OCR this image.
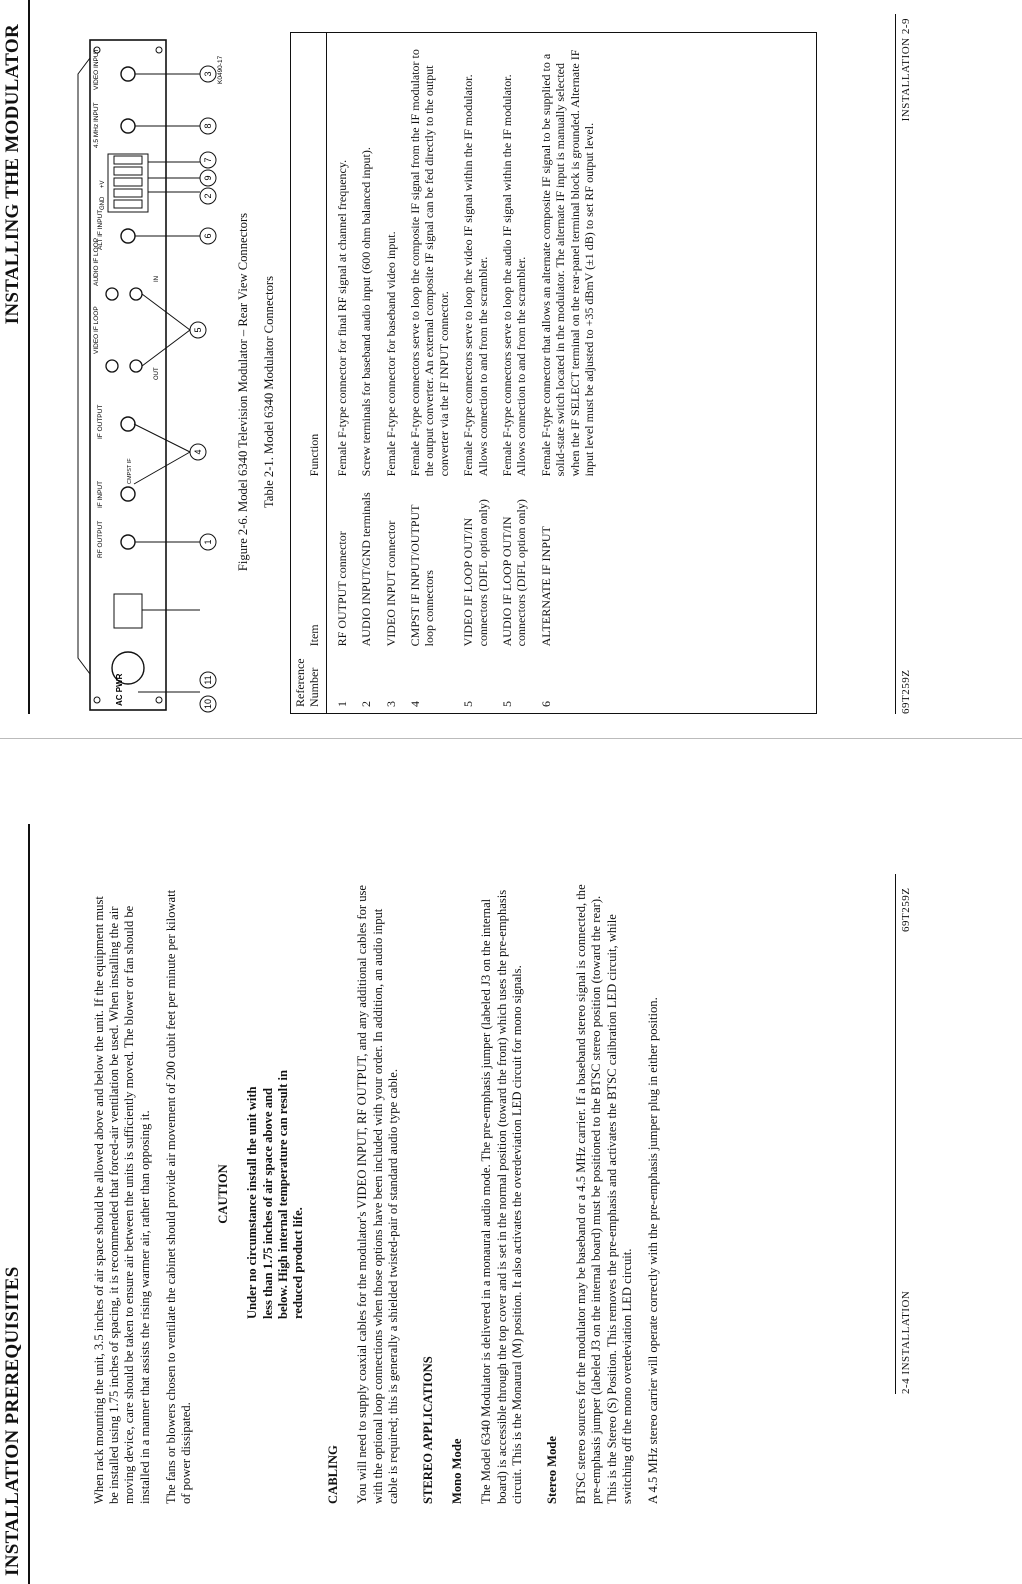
INSTALLATION PREREQUISITES	When rack mounting the unit, 3.5 inches of air space should be allowed above and below the unit. If the equipment must be installed using 1.75 inches of spacing, it is recommended that forced-air ventilation be used. When installing the air moving device, care should be taken to ensure air between the units is sufficiently moved. The blower or fan should be installed in a manner that assists the rising warmer air, rather than opposing it. The fans or blowers chosen to ventilate the cabinet should provide air movement of 200 cubit feet per minute per kilowatt of power dissipated.

CAUTION Under no circumstance install the unit with less than 1.75 inches of air space above and below. High internal temperature can result in reduced product life.
CABLING You will need to supply coaxial cables for the modulator's VIDEO INPUT, RF OUTPUT, and any additional cables for use with the optional loop connections when those options have been included with your order. In addition, an audio input cable is required; this is generally a shielded twisted-pair of standard audio type cable. STEREO APPLICATIONS Mono Mode The Model 6340 Modulator is delivered in a monaural audio mode. The pre-emphasis jumper (labeled J3 on the internal board) is accessible through the top cover and is set in the normal position (toward the front) which uses the pre-emphasis circuit. This is the Monaural (M) position. It also activates the overdeviation LED circuit for mono signals. Stereo Mode BTSC stereo sources for the modulator may be baseband or a 4.5 MHz carrier. If a baseband stereo signal is connected, the pre-emphasis jumper (labeled J3 on the internal board) must be positioned to the BTSC stereo position (toward the rear). This is the Stereo (S) Position. This removes the pre-emphasis and activates the BTSC calibration LED circuit, while switching off the mono overdeviation LED circuit. A 4.5 MHz stereo carrier will operate correctly with the pre-emphasis jumper plug in either position.	2-4 INSTALLATION
69T259Z
INSTALLING THE MODULATOR
AC PWR
RF OUTPUT
IF INPUT
CMPST IF
IF OUTPUT
VIDEO IF LOOP
OUT
AUDIO IF LOOP	IN
ALT IF INPUT
GND
+V
4.5 MHz INPUT
VIDEO INPUT
10
11
1
4
5
6
2
9
7
8
3 K0490-17
Figure 2-6. Model 6340 Television Modulator – Rear View Connectors Table 2-1. Model 6340 Modulator Connectors
Reference Number	Item	Function
1	RF OUTPUT connector	Female F-type connector for final RF signal at channel frequency.
2	AUDIO INPUT/GND terminals	Screw terminals for baseband audio input (600 ohm balanced input).
3	VIDEO INPUT connector	Female F-type connector for baseband video input.
4	CMPST IF INPUT/OUTPUT loop connectors	Female F-type connectors serve to loop the composite IF signal from the IF modulator to the output converter. An external composite IF signal can be fed directly to the output converter via the IF INPUT connector.
5	VIDEO IF LOOP OUT/IN connectors (DIFL option only)	Female F-type connectors serve to loop the video IF signal within the IF modulator. Allows connection to and from the scrambler.
5	AUDIO IF LOOP OUT/IN connectors (DIFL option only)	Female F-type connectors serve to loop the audio IF signal within the IF modulator. Allows connection to and from the scrambler.
6	ALTERNATE IF INPUT	Female F-type connector that allows an alternate composite IF signal to be supplied to a solid-state switch located in the modulator. The alternate IF input is manually selected when the IF SELECT terminal on the rear-panel terminal block is grounded. Alternate IF input level must be adjusted to +35 dBmV (±1 dB) to set RF output level.
69T259Z
INSTALLATION 2-9
